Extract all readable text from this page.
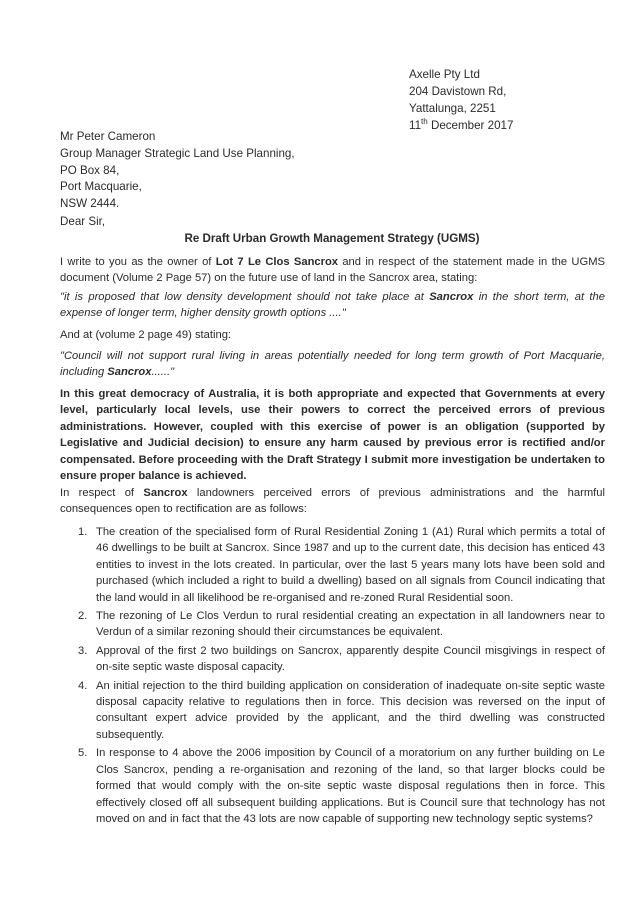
Axelle Pty Ltd
204 Davistown Rd,
Yattalunga, 2251
11th December 2017
Mr Peter Cameron
Group Manager Strategic Land Use Planning,
PO Box 84,
Port Macquarie,
NSW 2444.
Dear Sir,
Re Draft Urban Growth Management Strategy (UGMS)

I write to you as the owner of Lot 7 Le Clos Sancrox and in respect of the statement made in the UGMS document (Volume 2 Page 57) on the future use of land in the Sancrox area, stating:

"it is proposed that low density development should not take place at Sancrox in the short term, at the expense of longer term, higher density growth options ...."

And at (volume 2 page 49) stating:

"Council will not support rural living in areas potentially needed for long term growth of Port Macquarie, including Sancrox......"

In this great democracy of Australia, it is both appropriate and expected that Governments at every level, particularly local levels, use their powers to correct the perceived errors of previous administrations. However, coupled with this exercise of power is an obligation (supported by Legislative and Judicial decision) to ensure any harm caused by previous error is rectified and/or compensated. Before proceeding with the Draft Strategy I submit more investigation be undertaken to ensure proper balance is achieved.

In respect of Sancrox landowners perceived errors of previous administrations and the harmful consequences open to rectification are as follows:

1. The creation of the specialised form of Rural Residential Zoning 1 (A1) Rural which permits a total of 46 dwellings to be built at Sancrox. Since 1987 and up to the current date, this decision has enticed 43 entities to invest in the lots created. In particular, over the last 5 years many lots have been sold and purchased (which included a right to build a dwelling) based on all signals from Council indicating that the land would in all likelihood be re-organised and re-zoned Rural Residential soon.
2. The rezoning of Le Clos Verdun to rural residential creating an expectation in all landowners near to Verdun of a similar rezoning should their circumstances be equivalent.
3. Approval of the first 2 two buildings on Sancrox, apparently despite Council misgivings in respect of on-site septic waste disposal capacity.
4. An initial rejection to the third building application on consideration of inadequate on-site septic waste disposal capacity relative to regulations then in force. This decision was reversed on the input of consultant expert advice provided by the applicant, and the third dwelling was constructed subsequently.
5. In response to 4 above the 2006 imposition by Council of a moratorium on any further building on Le Clos Sancrox, pending a re-organisation and rezoning of the land, so that larger blocks could be formed that would comply with the on-site septic waste disposal regulations then in force. This effectively closed off all subsequent building applications. But is Council sure that technology has not moved on and in fact that the 43 lots are now capable of supporting new technology septic systems?
